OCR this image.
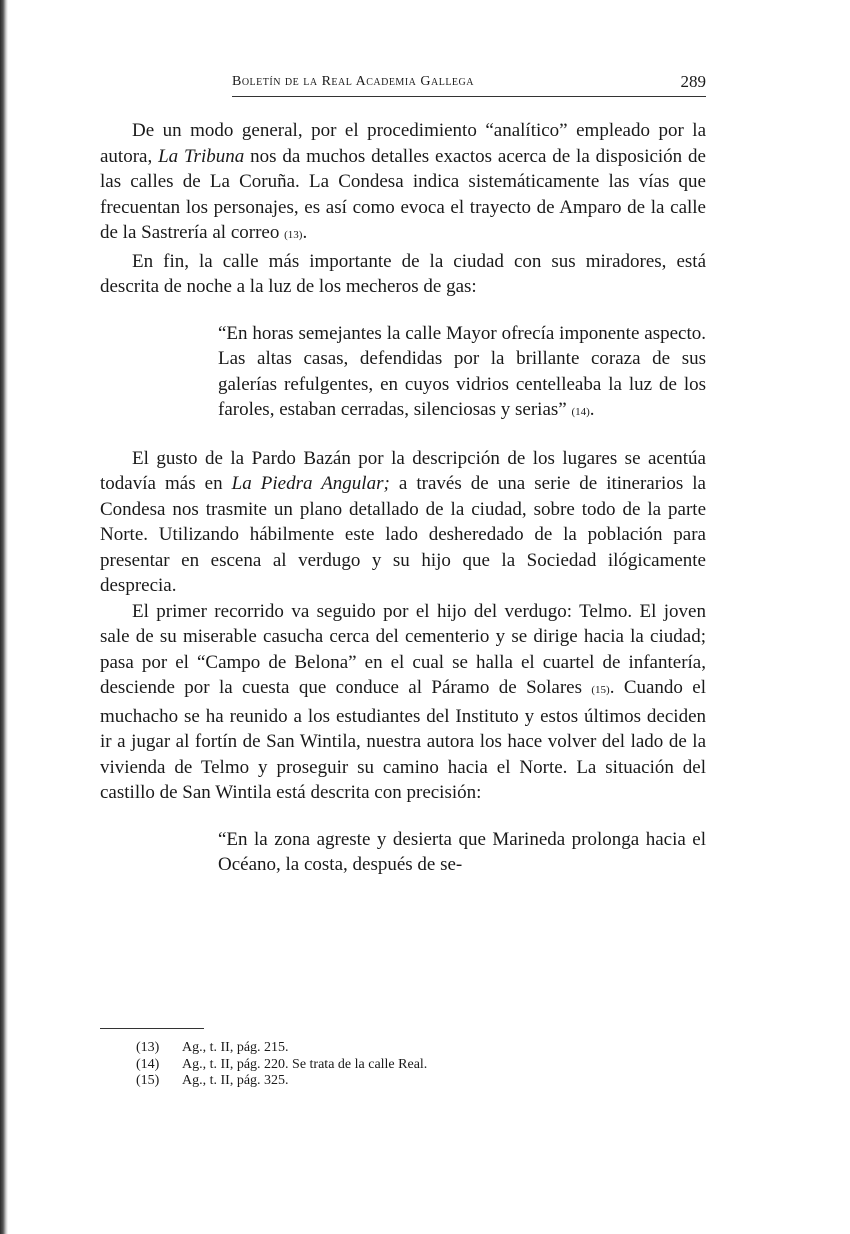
Boletín de la Real Academia Gallega	289

De un modo general, por el procedimiento “analítico” empleado por la autora, La Tribuna nos da muchos detalles exactos acerca de la disposición de las calles de La Coruña. La Condesa indica sistemáticamente las vías que frecuentan los personajes, es así como evoca el trayecto de Amparo de la calle de la Sastrería al correo (13).

En fin, la calle más importante de la ciudad con sus miradores, está descrita de noche a la luz de los mecheros de gas:

“En horas semejantes la calle Mayor ofrecía imponente aspecto. Las altas casas, defendidas por la brillante coraza de sus galerías refulgentes, en cuyos vidrios centelleaba la luz de los faroles, estaban cerradas, silenciosas y serias” (14).

El gusto de la Pardo Bazán por la descripción de los lugares se acentúa todavía más en La Piedra Angular; a través de una serie de itinerarios la Condesa nos trasmite un plano detallado de la ciudad, sobre todo de la parte Norte. Utilizando hábilmente este lado desheredado de la población para presentar en escena al verdugo y su hijo que la Sociedad ilógicamente desprecia.

El primer recorrido va seguido por el hijo del verdugo: Telmo. El joven sale de su miserable casucha cerca del cementerio y se dirige hacia la ciudad; pasa por el “Campo de Belona” en el cual se halla el cuartel de infantería, desciende por la cuesta que conduce al Páramo de Solares (15). Cuando el muchacho se ha reunido a los estudiantes del Instituto y estos últimos deciden ir a jugar al fortín de San Wintila, nuestra autora los hace volver del lado de la vivienda de Telmo y proseguir su camino hacia el Norte. La situación del castillo de San Wintila está descrita con precisión:

“En la zona agreste y desierta que Marineda prolonga hacia el Océano, la costa, después de se-

(13) Ag., t. II, pág. 215.
(14) Ag., t. II, pág. 220. Se trata de la calle Real.
(15) Ag., t. II, pág. 325.
